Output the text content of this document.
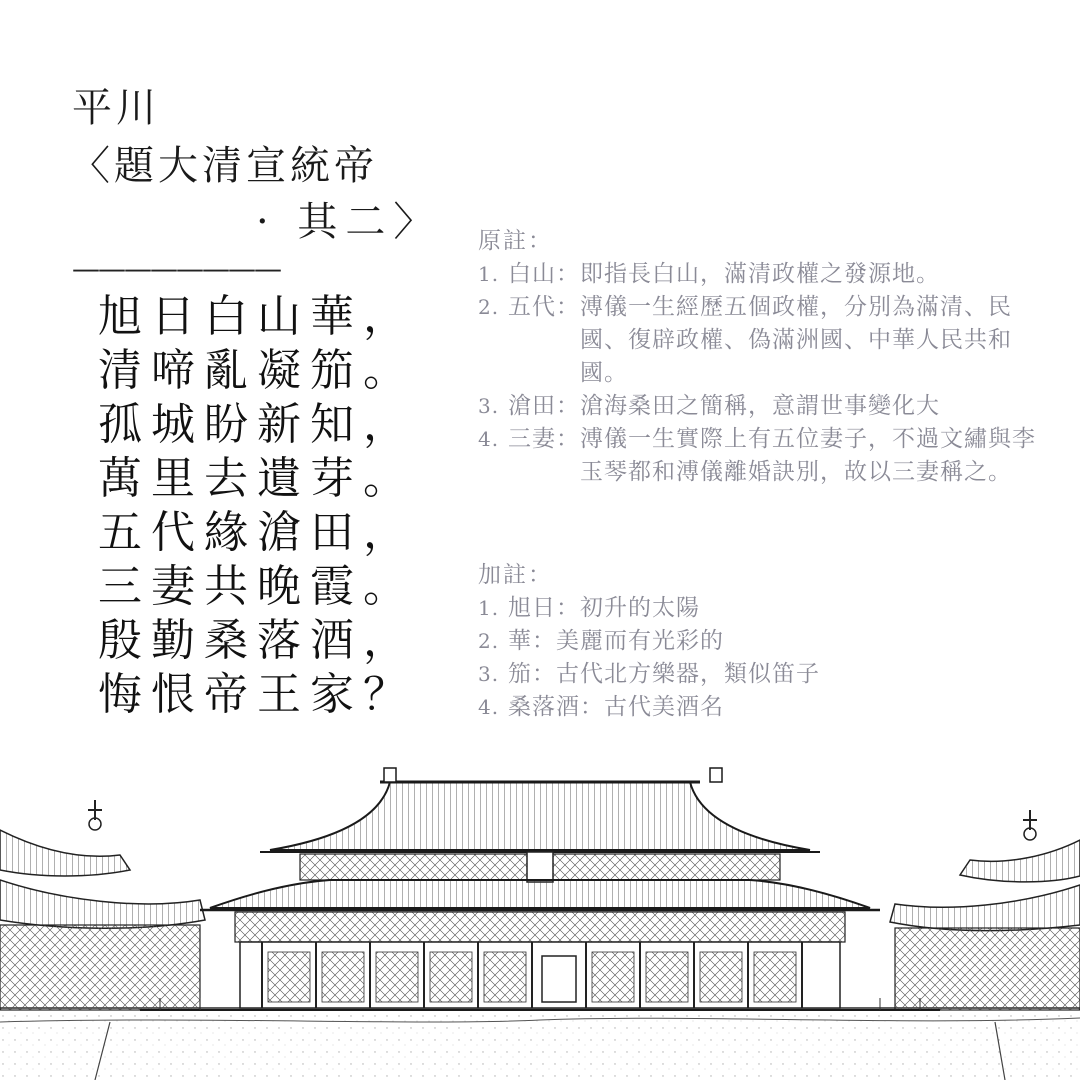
平川
〈題大清宣統帝
· 其二〉
————————
旭日白山華，
清啼亂凝笳。
孤城盼新知，
萬里去遺芽。
五代緣滄田，
三妻共晚霞。
殷勤桑落酒，
悔恨帝王家？
原註：
1. 白山： 即指長白山，滿清政權之發源地。
2. 五代： 溥儀一生經歷五個政權，分別為滿清、民國、復辟政權、偽滿洲國、中華人民共和國。
3. 滄田： 滄海桑田之簡稱，意謂世事變化大
4. 三妻： 溥儀一生實際上有五位妻子，不過文繡與李玉琴都和溥儀離婚訣別，故以三妻稱之。
加註：
1. 旭日： 初升的太陽
2. 華： 美麗而有光彩的
3. 笳： 古代北方樂器，類似笛子
4. 桑落酒： 古代美酒名
